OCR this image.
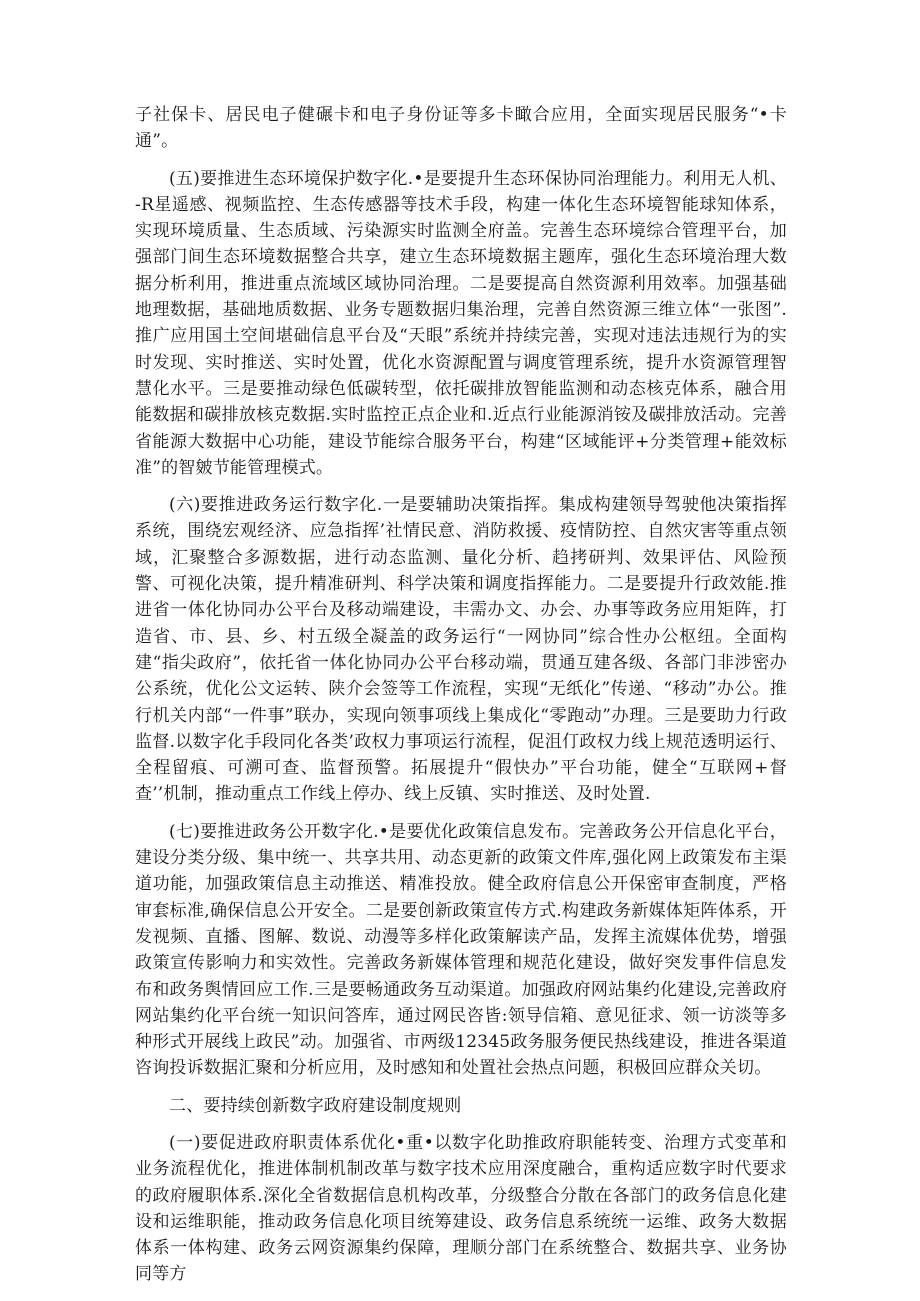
子社保卡、居民电子健碾卡和电子身份证等多卡瞰合应用，全面实现居民服务“•卡通”。

(五)要推进生态环境保护数字化.•是要提升生态环保协同治理能力。利用无人机、-R星遥感、视频监控、生态传感器等技术手段，构建一体化生态环境智能球知体系，实现环境质量、生态质域、污染源实时监测全府盖。完善生态环境综合管理平台，加强部门间生态环境数据整合共享，建立生态环境数据主题库，强化生态环境治理大数据分析利用，推进重点流域区域协同治理。二是要提高自然资源利用效率。加强基础地理数据，基础地质数据、业务专题数据归集治理，完善自然资源三维立体“一张图”.推广应用国土空间堪础信息平台及“天眼”系统并持续完善，实现对违法违规行为的实时发现、实时推送、实时处置，优化水资源配置与调度管理系统，提升水资源管理智慧化水平。三是要推动绿色低碳转型，依托碳排放智能监测和动态核克体系，融合用能数据和碳排放核克数据.实时监控正点企业和.近点行业能源消铵及碳排放活动。完善省能源大数据中心功能，建设节能综合服务平台，构建“区域能评+分类管理+能效标准”的智皴节能管理模式。

(六)要推进政务运行数字化.一是要辅助决策指挥。集成构建领导驾驶他决策指挥系统，围绕宏观经济、应急指挥’社情民意、消防救援、疫情防控、自然灾害等重点领域，汇聚整合多源数据，进行动态监测、量化分析、趋拷研判、效果评估、风险预警、可视化决策，提升精准研判、科学决策和调度指挥能力。二是要提升行政效能.推进省一体化协同办公平台及移动端建设，丰需办文、办会、办事等政务应用矩阵，打造省、市、县、乡、村五级全凝盖的政务运行“一网协同”综合性办公枢纽。全面构建“指尖政府”，依托省一体化协同办公平台移动端，贯通互建各级、各部门非涉密办公系统，优化公文运转、陕介会签等工作流程，实现“无纸化”传递、“移动”办公。推行机关内部“一件事”联办，实现向领事项线上集成化“零跑动”办理。三是要助力行政监督.以数字化手段同化各类’政权力事项运行流程，促沮仃政权力线上规范透明运行、全程留痕、可溯可查、监督预警。拓展提升“假快办”平台功能，健全“互联网+督查’’机制，推动重点工作线上停办、线上反镇、实时推送、及时处置.

(七)要推进政务公开数字化.•是要优化政策信息发布。完善政务公开信息化平台，建设分类分级、集中统一、共享共用、动态更新的政策文件库,强化网上政策发布主渠道功能，加强政策信息主动推送、精准投放。健全政府信息公开保密审查制度，严格审套标准,确保信息公开安全。二是要创新政策宣传方式.构建政务新媒体矩阵体系，开发视频、直播、图解、数说、动漫等多样化政策解读产品，发挥主流媒体优势，增强政策宣传影响力和实效性。完善政务新媒体管理和规范化建设，做好突发事件信息发布和政务舆情回应工作.三是要畅通政务互动渠道。加强政府网站集约化建设,完善政府网站集约化平台统一知识问答库，通过网民咨皆:领导信箱、意见征求、领一访淡等多种形式开展线上政民”动。加强省、市两级12345政务服务便民热线建设，推进各渠道咨询投诉数据汇聚和分析应用，及时感知和处置社会热点问题，积极回应群众关切。

二、要持续创新数字政府建设制度规则

(一)要促进政府职责体系优化•重•以数字化助推政府职能转变、治理方式变革和业务流程优化，推进体制机制改革与数字技术应用深度融合，重构适应数字时代要求的政府履职体系.深化全省数据信息机构改革，分级整合分散在各部门的政务信息化建设和运维职能，推动政务信息化项目统筹建设、政务信息系统统一运维、政务大数据体系一体构建、政务云网资源集约保障，理顺分部门在系统整合、数据共享、业务协同等方
